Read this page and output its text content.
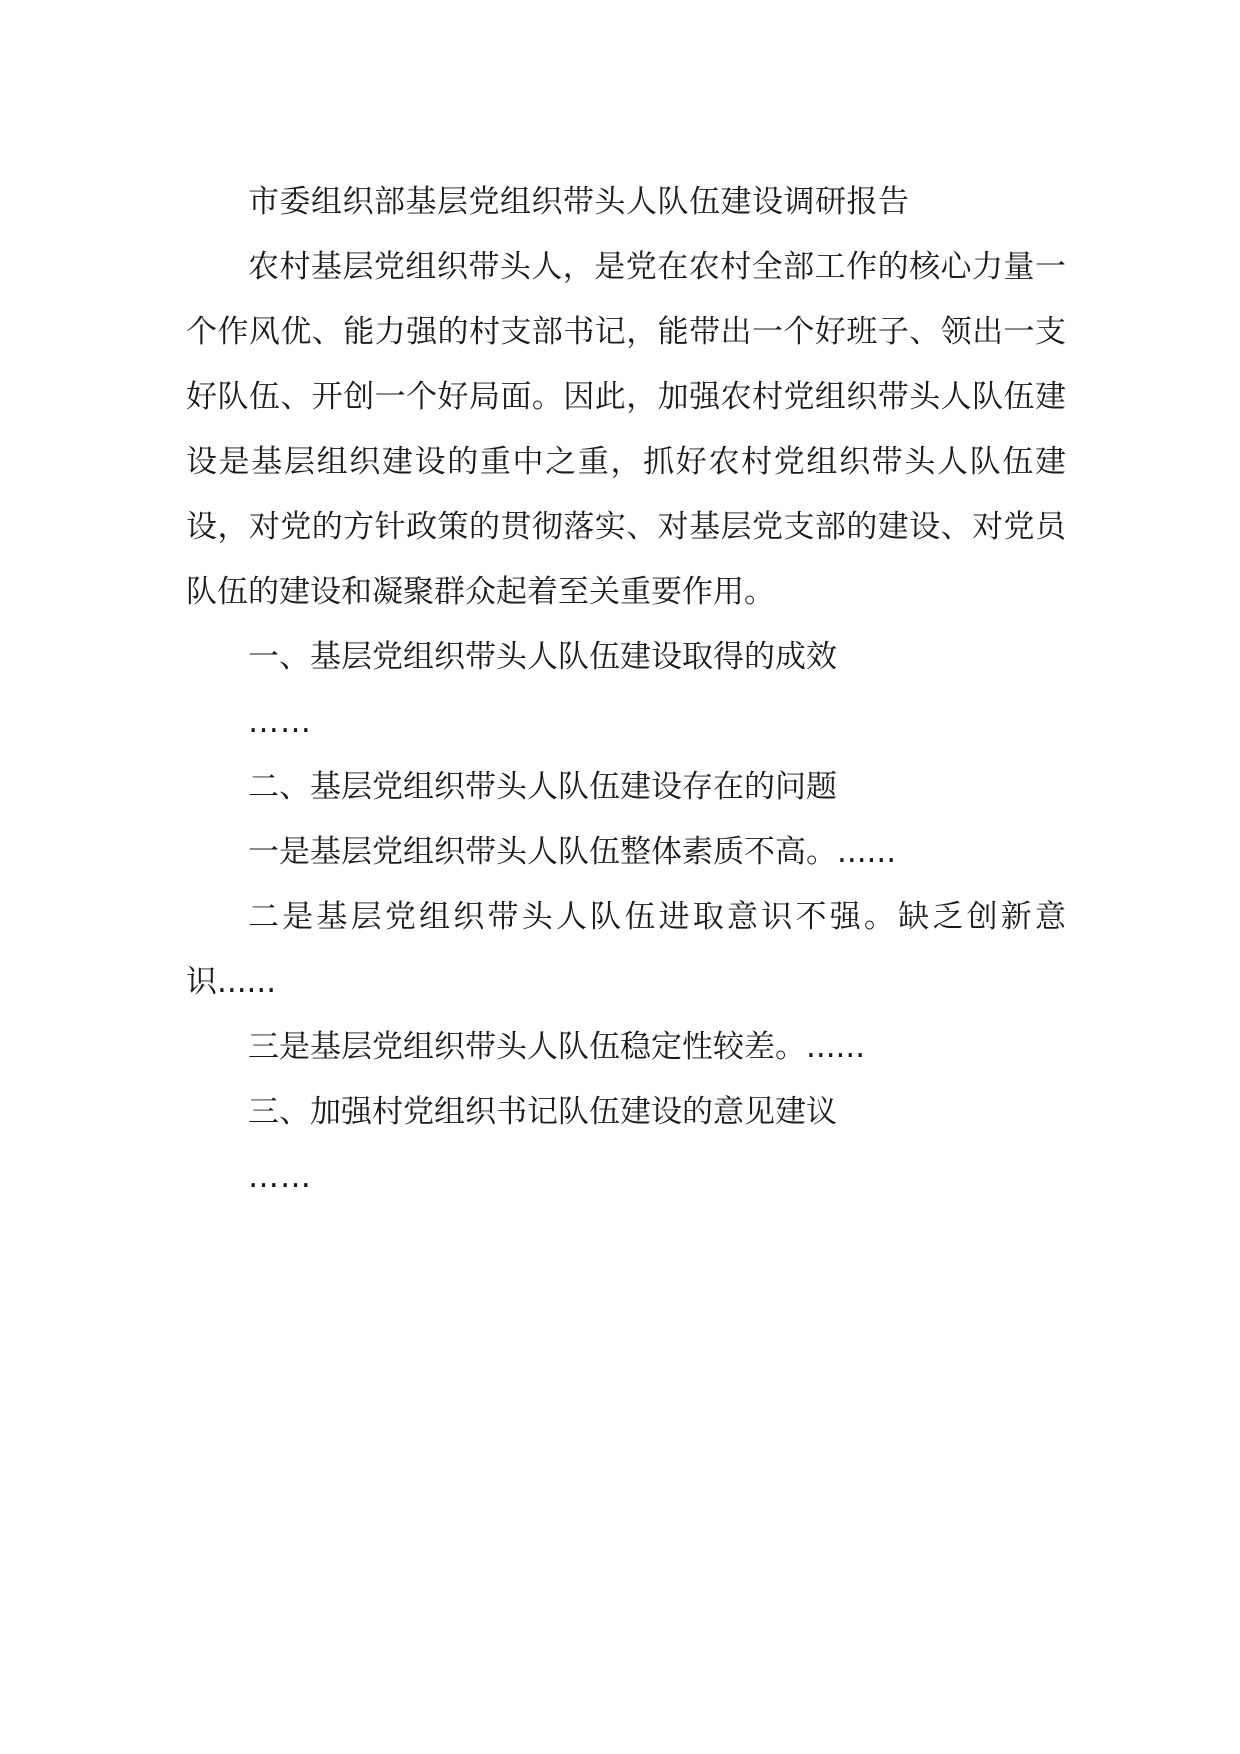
市委组织部基层党组织带头人队伍建设调研报告

农村基层党组织带头人，是党在农村全部工作的核心力量一个作风优、能力强的村支部书记，能带出一个好班子、领出一支好队伍、开创一个好局面。因此，加强农村党组织带头人队伍建设是基层组织建设的重中之重，抓好农村党组织带头人队伍建设，对党的方针政策的贯彻落实、对基层党支部的建设、对党员队伍的建设和凝聚群众起着至关重要作用。

一、基层党组织带头人队伍建设取得的成效

……

二、基层党组织带头人队伍建设存在的问题

一是基层党组织带头人队伍整体素质不高。......

二是基层党组织带头人队伍进取意识不强。缺乏创新意识......

三是基层党组织带头人队伍稳定性较差。......

三、加强村党组织书记队伍建设的意见建议

……
